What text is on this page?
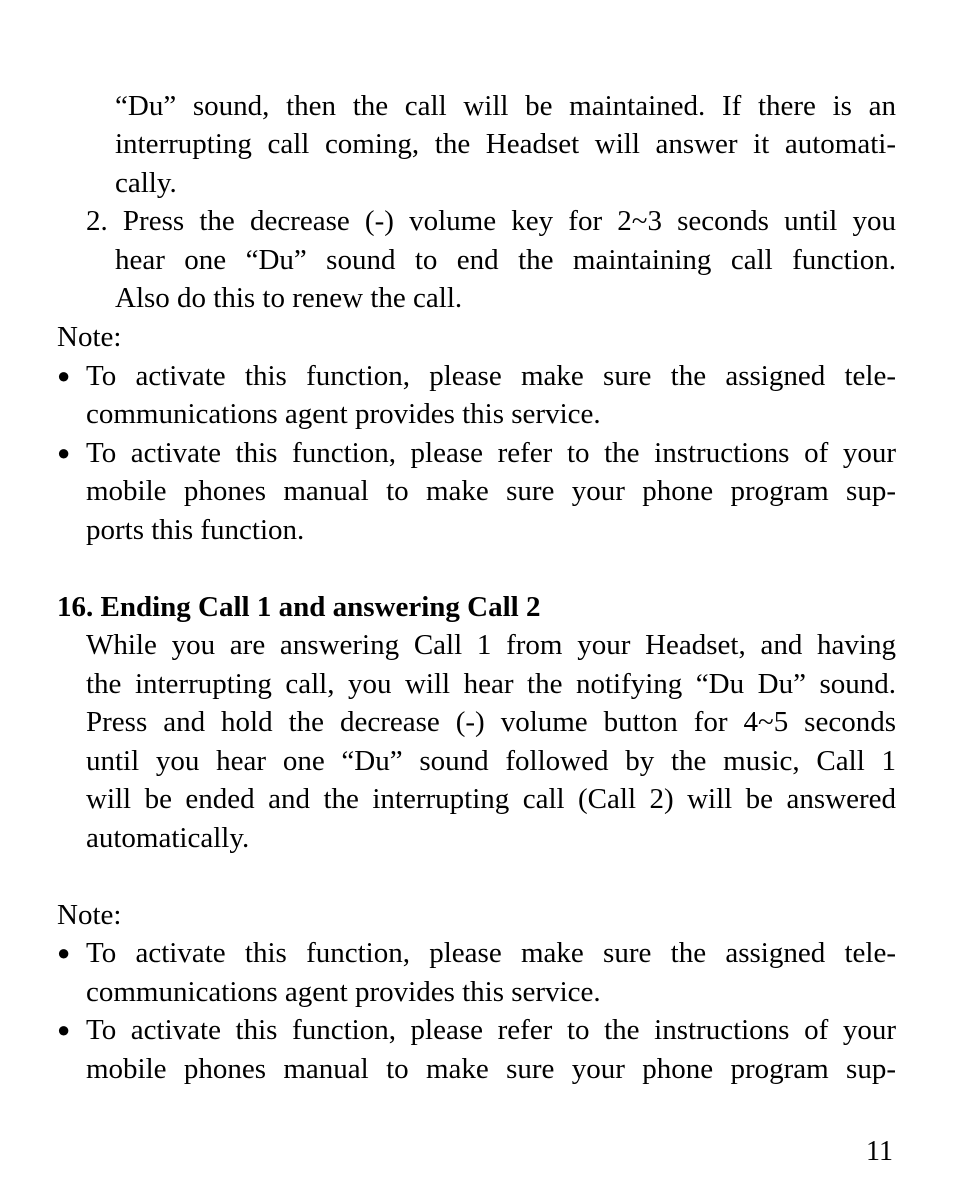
“Du” sound, then the call will be maintained. If there is an
interrupting call coming, the Headset will answer it automati-
cally.
2. Press the decrease (-) volume key for 2~3 seconds until you
hear one “Du” sound to end the maintaining call function.
Also do this to renew the call.
Note:
● To activate this function, please make sure the assigned tele-
communications agent provides this service.
● To activate this function, please refer to the instructions of your
mobile phones manual to make sure your phone program sup-
ports this function.
16. Ending Call 1 and answering Call 2
While you are answering Call 1 from your Headset, and having
the interrupting call, you will hear the notifying “Du Du” sound.
Press and hold the decrease (-) volume button for 4~5 seconds
until you hear one “Du” sound followed by the music, Call 1
will be ended and the interrupting call (Call 2) will be answered
automatically.
Note:
● To activate this function, please make sure the assigned tele-
communications agent provides this service.
● To activate this function, please refer to the instructions of your
mobile phones manual to make sure your phone program sup-
11
